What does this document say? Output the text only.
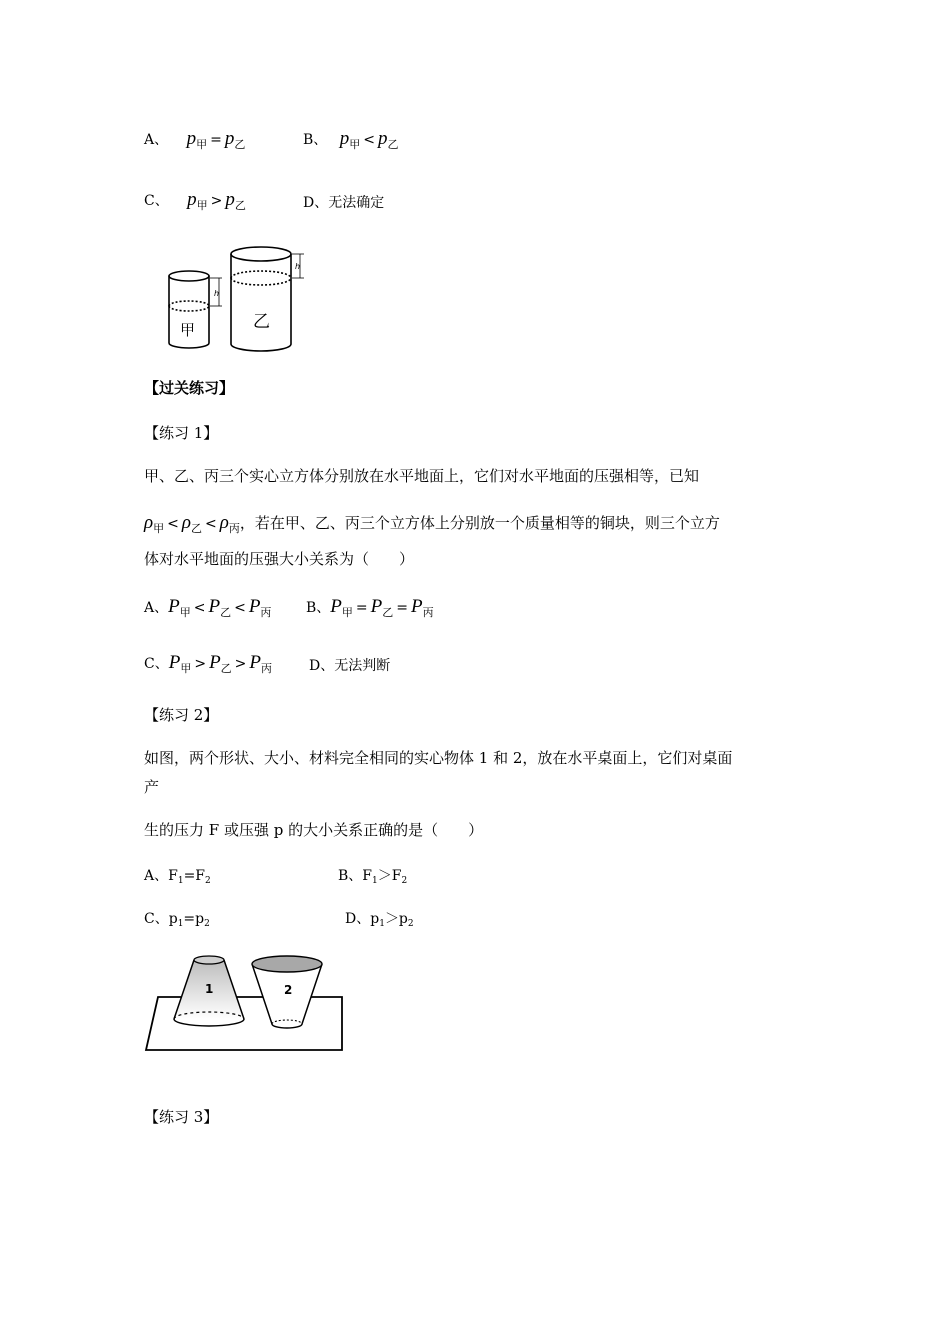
A、 $p_甲 = p_乙$	B、 $p_甲 < p_乙$
C、 $p_甲 > p_乙$	D、无法确定
h
h
甲	乙
【过关练习】
【练习 1】
甲、乙、丙三个实心立方体分别放在水平地面上，它们对水平地面的压强相等，已知
$\rho_甲 < \rho_乙 < \rho_丙$，若在甲、乙、丙三个立方体上分别放一个质量相等的铜块，则三个立方
体对水平地面的压强大小关系为（　　）
A、$P_甲 < P_乙 < P_丙$ B、$P_甲 = P_乙 = P_丙$
C、$P_甲 > P_乙 > P_丙$	D、无法判断
【练习 2】
如图，两个形状、大小、材料完全相同的实心物体 1 和 2，放在水平桌面上，它们对桌面
产
生的压力 F 或压强 p 的大小关系正确的是（　　）
A、$F_1=F_2$	B、$F_1>F_2$
C、$p_1=p_2$	D、$p_1>p_2$
1	2
【练习 3】
